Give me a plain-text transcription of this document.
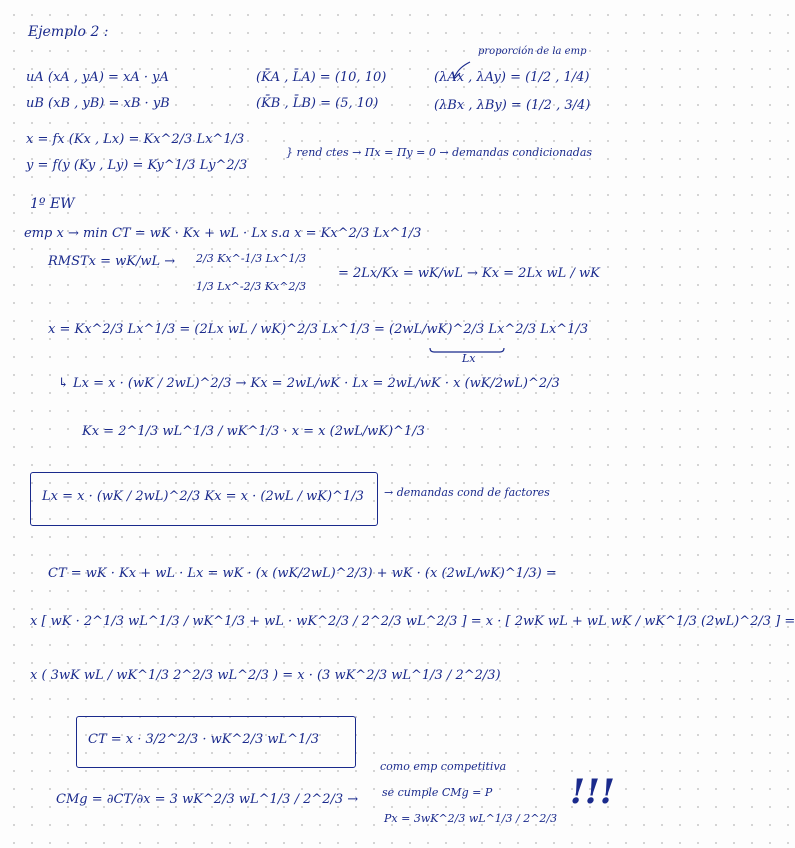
Ejemplo 2 :
proporción de la emp
uA (xA , yA) = xA · yA	(K̄A , L̄A) = (10, 10)	(λAx , λAy) = (1/2 , 1/4)
uB (xB , yB) = xB · yB	(K̄B , L̄B) = (5, 10)	(λBx , λBy) = (1/2 , 3/4)
x = fx (Kx , Lx) = Kx^2/3 Lx^1/3
y = f(y (Ky , Ly) = Ky^1/3 Ly^2/3
} rend ctes → Πx = Πy = 0 → demandas condicionadas
1º EW
emp x → min CT = wK · Kx + wL · Lx s.a x = Kx^2/3 Lx^1/3
RMSTx = wK/wL → 2/3 Kx^-1/3 Lx^1/3
1/3 Lx^-2/3 Kx^2/3
= 2Lx/Kx = wK/wL → Kx = 2Lx wL / wK
x = Kx^2/3 Lx^1/3 = (2Lx wL / wK)^2/3 Lx^1/3 = (2wL/wK)^2/3 Lx^2/3 Lx^1/3
Lx
↳ Lx = x · (wK / 2wL)^2/3 → Kx = 2wL/wK · Lx = 2wL/wK · x (wK/2wL)^2/3
Kx = 2^1/3 wL^1/3 / wK^1/3 · x = x (2wL/wK)^1/3
Lx = x · (wK / 2wL)^2/3 Kx = x · (2wL / wK)^1/3 → demandas cond de factores
CT = wK · Kx + wL · Lx = wK · (x (wK/2wL)^2/3) + wK · (x (2wL/wK)^1/3) =
x [ wK · 2^1/3 wL^1/3 / wK^1/3 + wL · wK^2/3 / 2^2/3 wL^2/3 ] = x · [ 2wK wL + wL wK / wK^1/3 (2wL)^2/3 ] =
x ( 3wK wL / wK^1/3 2^2/3 wL^2/3 ) = x · (3 wK^2/3 wL^1/3 / 2^2/3)
CT = x · 3/2^2/3 · wK^2/3 wL^1/3
como emp competitiva
CMg = ∂CT/∂x = 3 wK^2/3 wL^1/3 / 2^2/3 → se cumple CMg = P
Px = 3wK^2/3 wL^1/3 / 2^2/3
!!!
